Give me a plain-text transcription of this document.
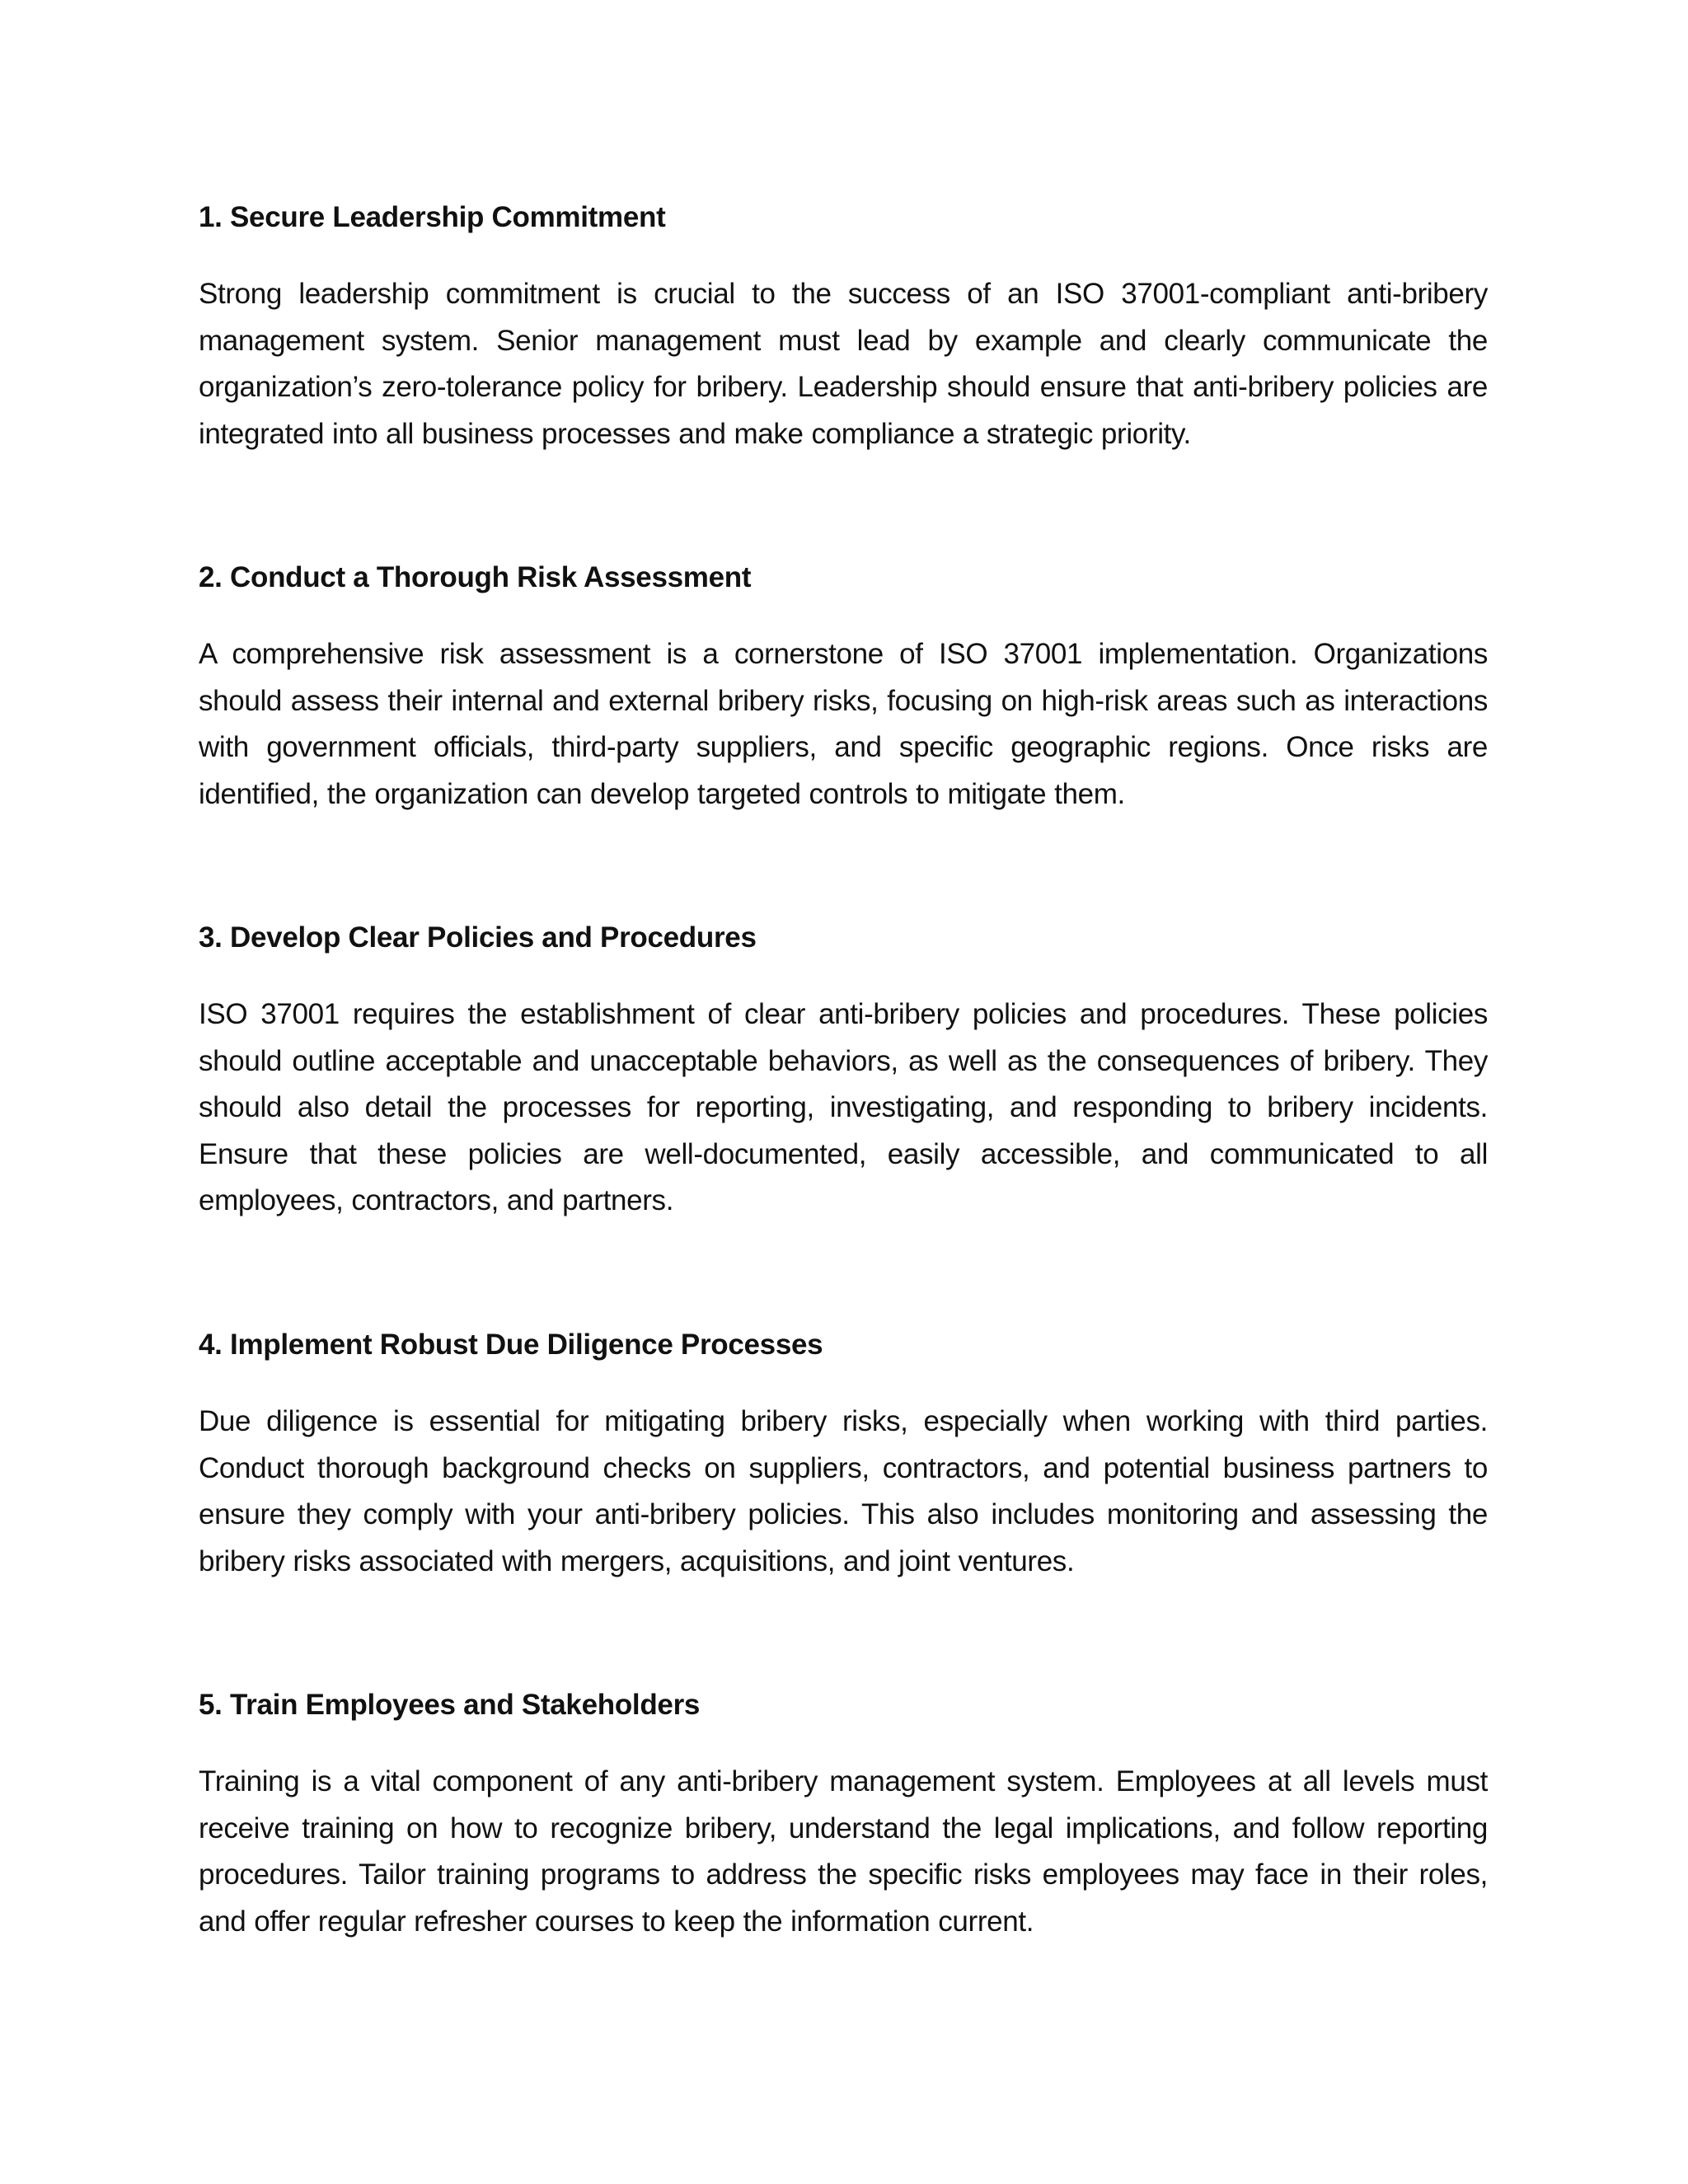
1. Secure Leadership Commitment

Strong leadership commitment is crucial to the success of an ISO 37001-compliant anti-bribery management system. Senior management must lead by example and clearly communicate the organization’s zero-tolerance policy for bribery. Leadership should ensure that anti-bribery policies are integrated into all business processes and make compliance a strategic priority.

2. Conduct a Thorough Risk Assessment

A comprehensive risk assessment is a cornerstone of ISO 37001 implementation. Organizations should assess their internal and external bribery risks, focusing on high-risk areas such as interactions with government officials, third-party suppliers, and specific geographic regions. Once risks are identified, the organization can develop targeted controls to mitigate them.

3. Develop Clear Policies and Procedures

ISO 37001 requires the establishment of clear anti-bribery policies and procedures. These policies should outline acceptable and unacceptable behaviors, as well as the consequences of bribery. They should also detail the processes for reporting, investigating, and responding to bribery incidents. Ensure that these policies are well-documented, easily accessible, and communicated to all employees, contractors, and partners.

4. Implement Robust Due Diligence Processes

Due diligence is essential for mitigating bribery risks, especially when working with third parties. Conduct thorough background checks on suppliers, contractors, and potential business partners to ensure they comply with your anti-bribery policies. This also includes monitoring and assessing the bribery risks associated with mergers, acquisitions, and joint ventures.

5. Train Employees and Stakeholders

Training is a vital component of any anti-bribery management system. Employees at all levels must receive training on how to recognize bribery, understand the legal implications, and follow reporting procedures. Tailor training programs to address the specific risks employees may face in their roles, and offer regular refresher courses to keep the information current.
